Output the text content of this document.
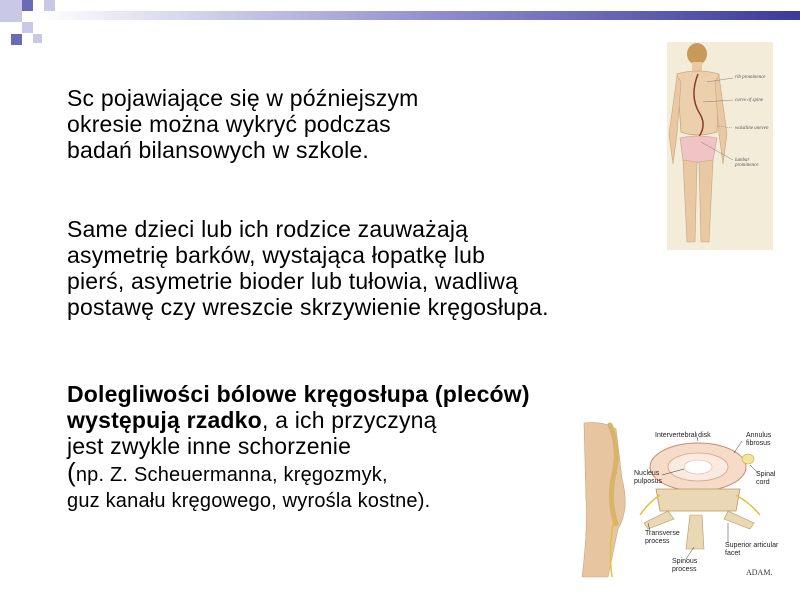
Sc pojawiające się w późniejszym
okresie można wykryć podczas
badań bilansowych w szkole.
Same dzieci lub ich rodzice zauważają
asymetrię barków, wystająca łopatkę lub
pierś, asymetrie bioder lub tułowia, wadliwą
postawę czy wreszcie skrzywienie kręgosłupa.
Dolegliwości bólowe kręgosłupa (pleców)
występują rzadko, a ich przyczyną
jest zwykle inne schorzenie
(np. Z. Scheuermanna, kręgozmyk,
guz kanału kręgowego, wyrośla kostne).
rib prominence
curve of spine
waistline uneven
lumbar prominence
Intervertebral disk	Annulus fibrosus
Nucleus pulposus
Spinal cord
Transverse process
Superior articular facet
Spinous process	ADAM.
